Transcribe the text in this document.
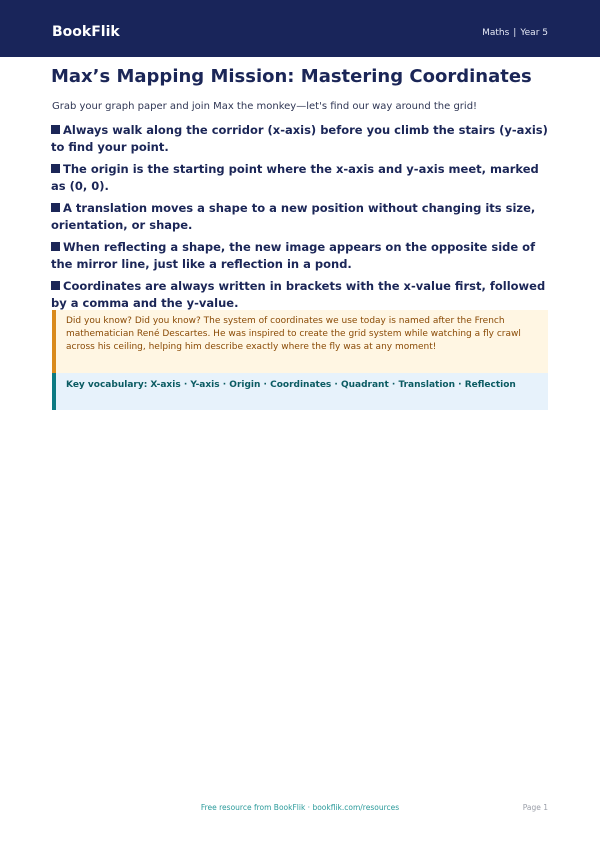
BookFlik	Maths | Year 5
Max’s Mapping Mission: Mastering Coordinates

Grab your graph paper and join Max the monkey—let's find our way around the grid!

Always walk along the corridor (x-axis) before you climb the stairs (y-axis) to find your point.
The origin is the starting point where the x-axis and y-axis meet, marked as (0, 0).
A translation moves a shape to a new position without changing its size, orientation, or shape.
When reflecting a shape, the new image appears on the opposite side of the mirror line, just like a reflection in a pond.
Coordinates are always written in brackets with the x-value first, followed by a comma and the y-value.
Did you know? Did you know? The system of coordinates we use today is named after the French mathematician René Descartes. He was inspired to create the grid system while watching a fly crawl across his ceiling, helping him describe exactly where the fly was at any moment!
Key vocabulary: X-axis · Y-axis · Origin · Coordinates · Quadrant · Translation · Reflection
Free resource from BookFlik · bookflik.com/resources	Page 1
